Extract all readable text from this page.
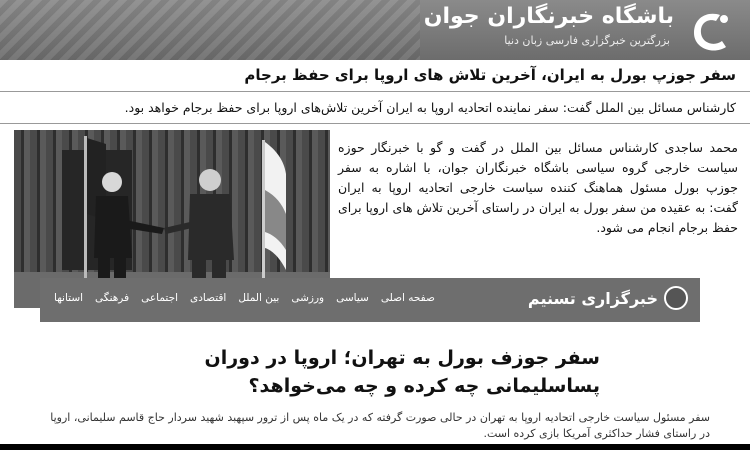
باشگاه خبرنگاران جوان
بزرگترین خبرگزاری فارسی زبان دنیا
سفر جوزپ بورل به ایران، آخرین تلاش های اروپا برای حفظ برجام
کارشناس مسائل بین الملل گفت: سفر نماینده اتحادیه اروپا به ایران آخرین تلاش‌های اروپا برای حفظ برجام خواهد بود.
محمد ساجدی کارشناس مسائل بین الملل در گفت و گو با خبرنگار حوزه سیاست خارجی گروه سیاسی باشگاه خبرنگاران جوان، با اشاره به سفر جوزپ بورل مسئول هماهنگ کننده سیاست خارجی اتحادیه اروپا به ایران گفت: به عقیده من سفر بورل به ایران در راستای آخرین تلاش های اروپا برای حفظ برجام انجام می شود.
خبرگزاری تسنیم
صفحه اصلی
سیاسی
ورزشی
بین الملل
اقتصادی
اجتماعی
فرهنگی
استانها
سفر جوزف بورل به تهران؛ اروپا در دوران پساسلیمانی چه کرده و چه می‌خواهد؟
سفر مسئول سیاست خارجی اتحادیه اروپا به تهران در حالی صورت گرفته که در یک ماه پس از ترور سپهبد شهید سردار حاج قاسم سلیمانی، اروپا در راستای فشار حداکثری آمریکا بازی کرده است.
